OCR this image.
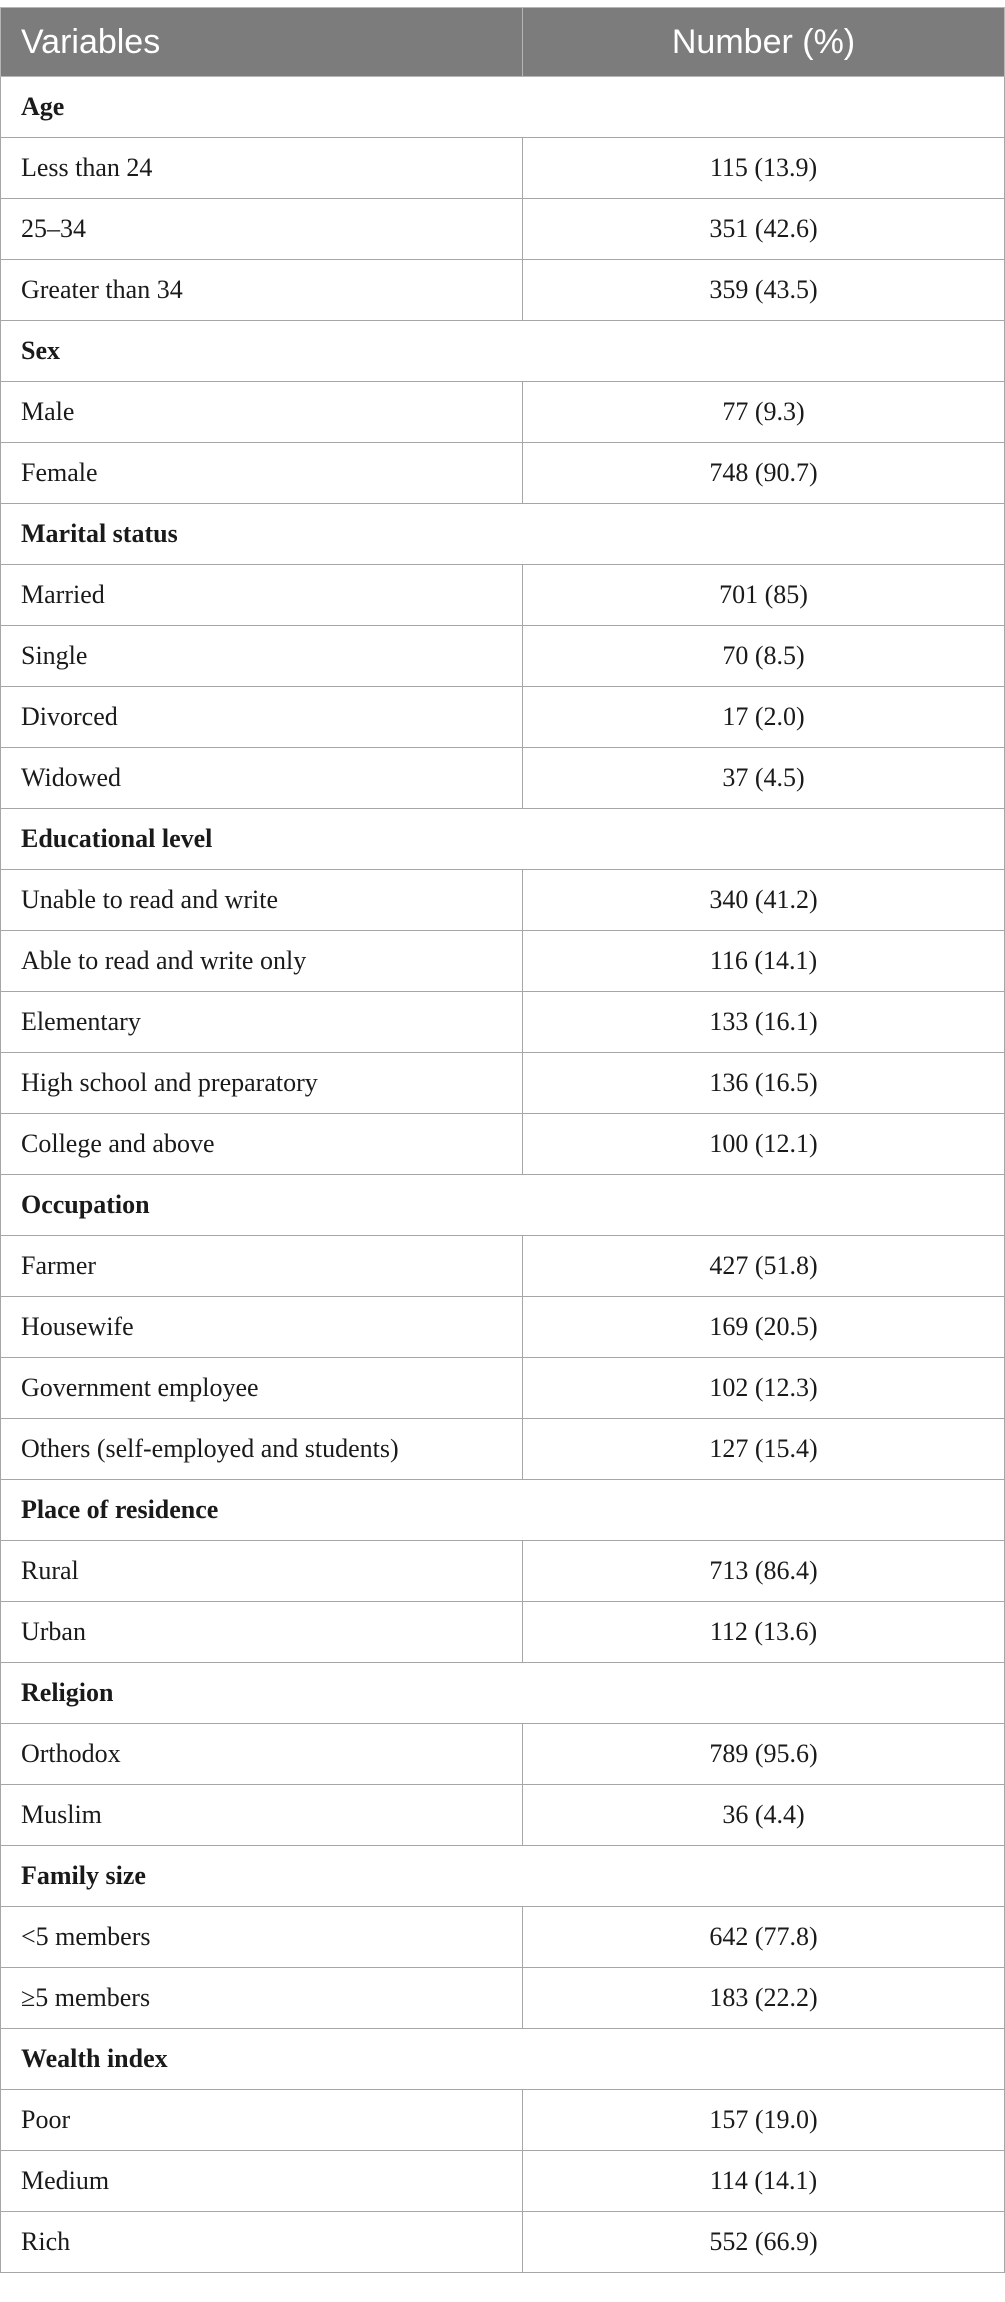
Variables	Number (%)
Age	
Less than 24	115 (13.9)
25–34	351 (42.6)
Greater than 34	359 (43.5)
Sex	
Male	77 (9.3)
Female	748 (90.7)
Marital status	
Married	701 (85)
Single	70 (8.5)
Divorced	17 (2.0)
Widowed	37 (4.5)
Educational level	
Unable to read and write	340 (41.2)
Able to read and write only	116 (14.1)
Elementary	133 (16.1)
High school and preparatory	136 (16.5)
College and above	100 (12.1)
Occupation	
Farmer	427 (51.8)
Housewife	169 (20.5)
Government employee	102 (12.3)
Others (self-employed and students)	127 (15.4)
Place of residence	
Rural	713 (86.4)
Urban	112 (13.6)
Religion	
Orthodox	789 (95.6)
Muslim	36 (4.4)
Family size	
<5 members	642 (77.8)
≥5 members	183 (22.2)
Wealth index	
Poor	157 (19.0)
Medium	114 (14.1)
Rich	552 (66.9)
